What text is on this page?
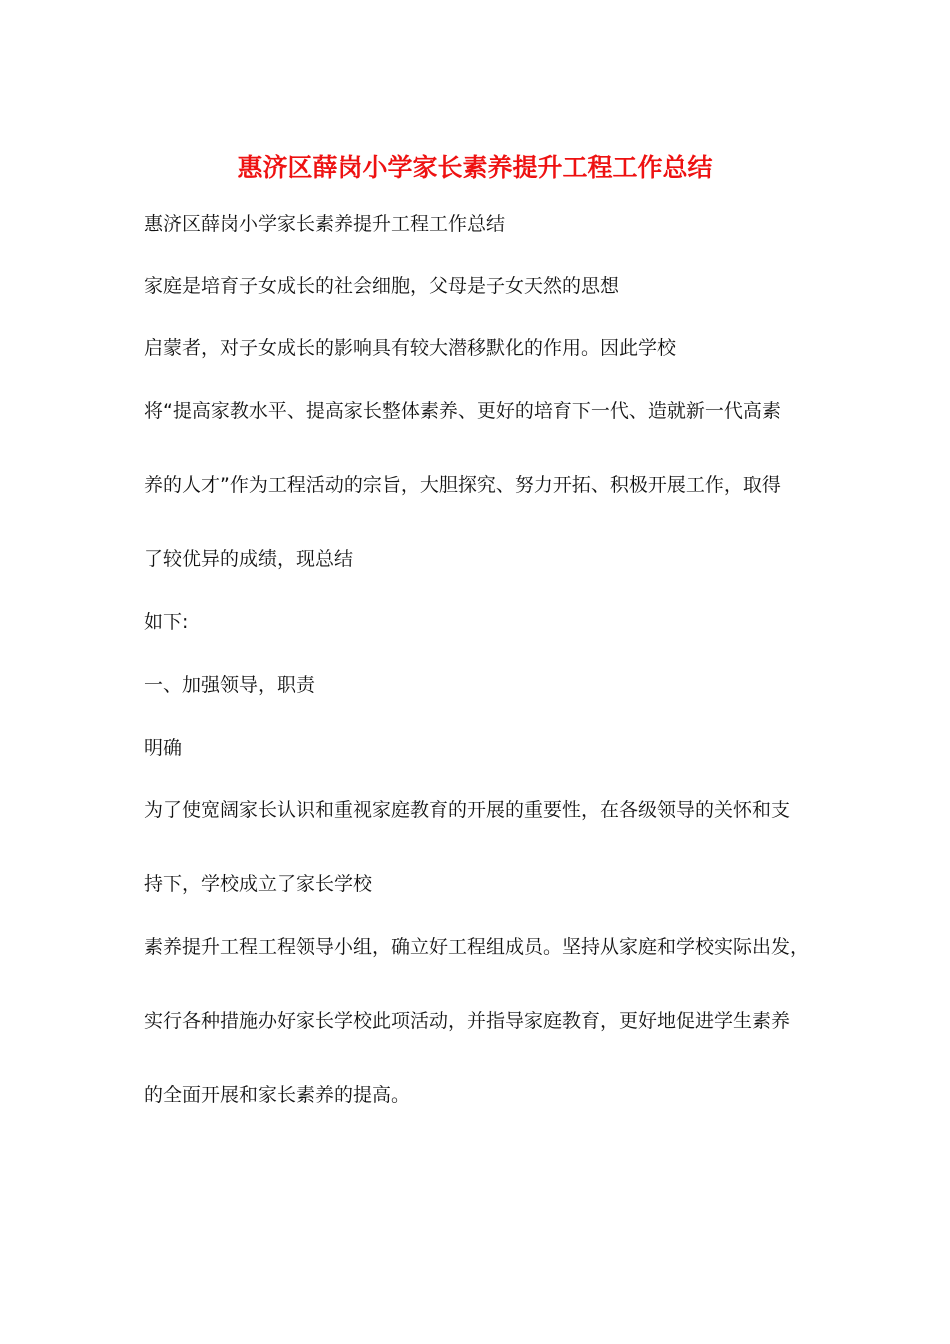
惠济区薛岗小学家长素养提升工程工作总结
惠济区薛岗小学家长素养提升工程工作总结
家庭是培育子女成长的社会细胞，父母是子女天然的思想
启蒙者，对子女成长的影响具有较大潜移默化的作用。因此学校
将“提高家教水平、提高家长整体素养、更好的培育下一代、造就新一代高素
养的人才”作为工程活动的宗旨，大胆探究、努力开拓、积极开展工作，取得
了较优异的成绩，现总结
如下:
一、加强领导，职责
明确
为了使宽阔家长认识和重视家庭教育的开展的重要性，在各级领导的关怀和支
持下，学校成立了家长学校
素养提升工程工程领导小组，确立好工程组成员。坚持从家庭和学校实际出发，
实行各种措施办好家长学校此项活动，并指导家庭教育，更好地促进学生素养
的全面开展和家长素养的提高。
